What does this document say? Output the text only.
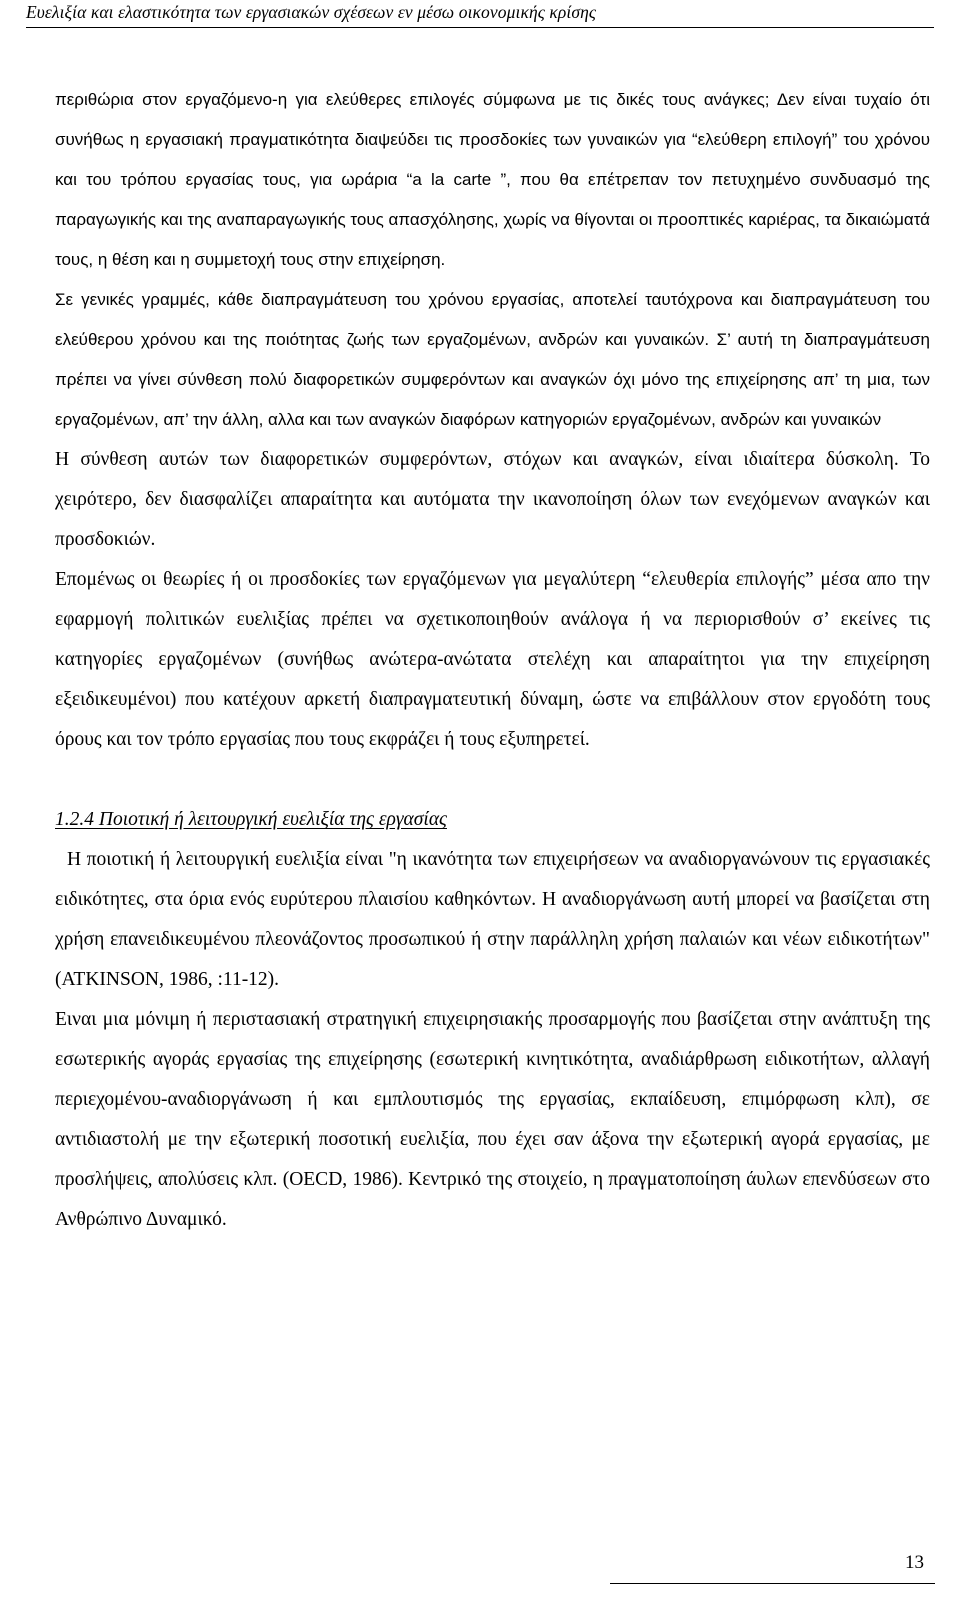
Ευελιξία και ελαστικότητα των εργασιακών σχέσεων εν μέσω οικονομικής κρίσης

περιθώρια στον εργαζόμενο-η για ελεύθερες επιλογές σύμφωνα με τις δικές τους ανάγκες; Δεν είναι τυχαίο ότι συνήθως η εργασιακή πραγματικότητα διαψεύδει τις προσδοκίες των γυναικών για “ελεύθερη επιλογή” του χρόνου και του τρόπου εργασίας τους, για ωράρια “a la carte ”, που θα επέτρεπαν τον πετυχημένο συνδυασμό της παραγωγικής και της αναπαραγωγικής τους απασχόλησης, χωρίς να θίγονται οι προοπτικές καριέρας, τα δικαιώματά τους, η θέση και η συμμετοχή τους στην επιχείρηση.

Σε γενικές γραμμές, κάθε διαπραγμάτευση του χρόνου εργασίας, αποτελεί ταυτόχρονα και διαπραγμάτευση του ελεύθερου χρόνου και της ποιότητας ζωής των εργαζομένων, ανδρών και γυναικών. Σ’ αυτή τη διαπραγμάτευση πρέπει να γίνει σύνθεση πολύ διαφορετικών συμφερόντων και αναγκών όχι μόνο της επιχείρησης απ’ τη μια, των εργαζομένων, απ’ την άλλη, αλλα και των αναγκών διαφόρων κατηγοριών εργαζομένων, ανδρών και γυναικών

Η σύνθεση αυτών των διαφορετικών συμφερόντων, στόχων και αναγκών, είναι ιδιαίτερα δύσκολη. Το χειρότερο, δεν διασφαλίζει απαραίτητα και αυτόματα την ικανοποίηση όλων των ενεχόμενων αναγκών και προσδοκιών.

Επομένως οι θεωρίες ή οι προσδοκίες των εργαζόμενων για μεγαλύτερη “ελευθερία επιλογής” μέσα απο την εφαρμογή πολιτικών ευελιξίας πρέπει να σχετικοποιηθούν ανάλογα ή να περιορισθούν σ’ εκείνες τις κατηγορίες εργαζομένων (συνήθως ανώτερα-ανώτατα στελέχη και απαραίτητοι για την επιχείρηση εξειδικευμένοι) που κατέχουν αρκετή διαπραγματευτική δύναμη, ώστε να επιβάλλουν στον εργοδότη τους όρους και τον τρόπο εργασίας που τους εκφράζει ή τους εξυπηρετεί.

1.2.4 Ποιοτική ή λειτουργική ευελιξία της εργασίας

Η ποιοτική ή λειτουργική ευελιξία είναι "η ικανότητα των επιχειρήσεων να αναδιοργανώνουν τις εργασιακές ειδικότητες, στα όρια ενός ευρύτερου πλαισίου καθηκόντων. Η αναδιοργάνωση αυτή μπορεί να βασίζεται στη χρήση επανειδικευμένου πλεονάζοντος προσωπικού ή στην παράλληλη χρήση παλαιών και νέων ειδικοτήτων" (ATKINSON, 1986, :11-12).

Ειναι μια μόνιμη ή περιστασιακή στρατηγική επιχειρησιακής προσαρμογής που βασίζεται στην ανάπτυξη της εσωτερικής αγοράς εργασίας της επιχείρησης (εσωτερική κινητικότητα, αναδιάρθρωση ειδικοτήτων, αλλαγή περιεχομένου-αναδιοργάνωση ή και εμπλουτισμός της εργασίας, εκπαίδευση, επιμόρφωση κλπ), σε αντιδιαστολή με την εξωτερική ποσοτική ευελιξία, που έχει σαν άξονα την εξωτερική αγορά εργασίας, με προσλήψεις, απολύσεις κλπ. (OECD, 1986). Κεντρικό της στοιχείο, η πραγματοποίηση άυλων επενδύσεων στο Ανθρώπινο Δυναμικό.

13
